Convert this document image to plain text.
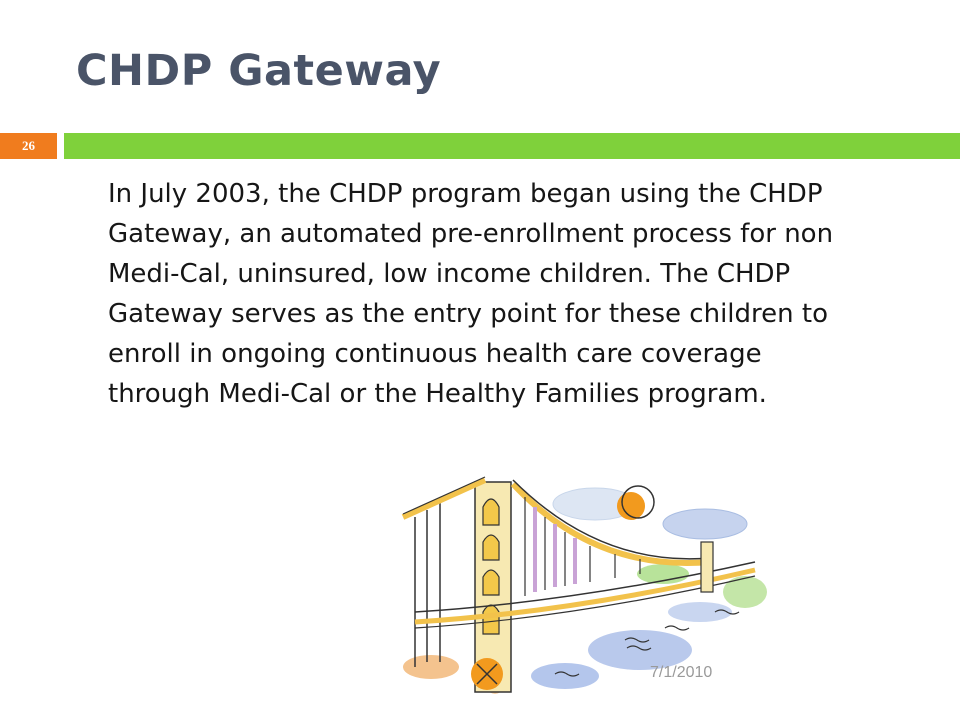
CHDP Gateway
26
In July 2003, the CHDP program began using the CHDP Gateway, an automated pre-enrollment process for non Medi-Cal, uninsured, low income children. The CHDP Gateway serves as the entry point for these children to enroll in ongoing continuous health care coverage through Medi-Cal or the Healthy Families program.
7/1/2010
